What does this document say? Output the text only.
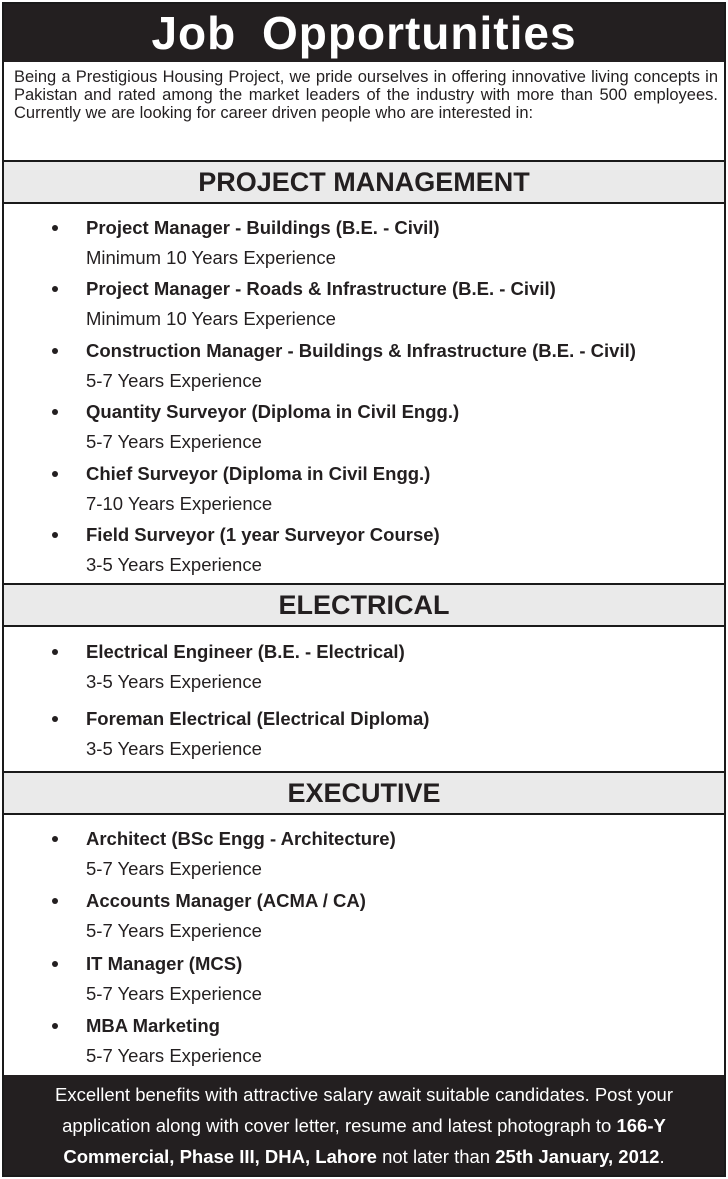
Job Opportunities
Being a Prestigious Housing Project, we pride ourselves in offering innovative living concepts in Pakistan and rated among the market leaders of the industry with more than 500 employees. Currently we are looking for career driven people who are interested in:
PROJECT MANAGEMENT
Project Manager - Buildings (B.E. - Civil)
Minimum 10 Years Experience
Project Manager - Roads & Infrastructure (B.E. - Civil)
Minimum 10 Years Experience
Construction Manager - Buildings & Infrastructure (B.E. - Civil)
5-7 Years Experience
Quantity Surveyor (Diploma in Civil Engg.)
5-7 Years Experience
Chief Surveyor (Diploma in Civil Engg.)
7-10 Years Experience
Field Surveyor (1 year Surveyor Course)
3-5 Years Experience
ELECTRICAL
Electrical Engineer (B.E. - Electrical)
3-5 Years Experience
Foreman Electrical (Electrical Diploma)
3-5 Years Experience
EXECUTIVE
Architect (BSc Engg - Architecture)
5-7 Years Experience
Accounts Manager (ACMA / CA)
5-7 Years Experience
IT Manager (MCS)
5-7 Years Experience
MBA Marketing
5-7 Years Experience
Excellent benefits with attractive salary await suitable candidates. Post your
application along with cover letter, resume and latest photograph to 166-Y
Commercial, Phase III, DHA, Lahore not later than 25th January, 2012.
